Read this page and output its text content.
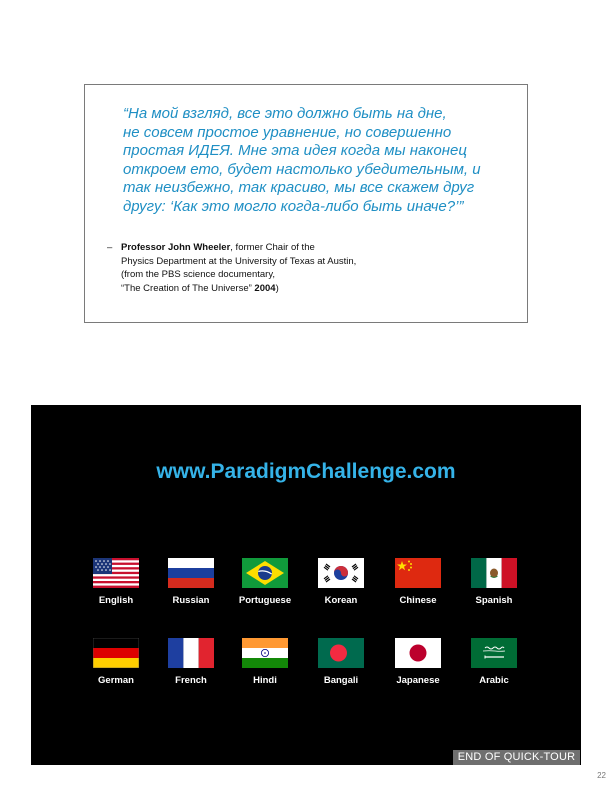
“На мой взгляд, все это должно быть на дне,
не совсем простое уравнение, но совершенно
простая ИДЕЯ. Мне эта идея когда мы наконец
откроем ето, будет настолько убедительным, и
так неизбежно, так красиво, мы все скажем друг
другу: ‘Как это могло когда-либо быть иначе?’”
– Professor John Wheeler, former Chair of the
Physics Department at the University of Texas at Austin,
(from the PBS science documentary,
“The Creation of The Universe” 2004)
www.ParadigmChallenge.com
English	Russian	Portuguese	Korean	Chinese	Spanish
German	French	Hindi	Bangali	Japanese	Arabic
END OF QUICK-TOUR
22
